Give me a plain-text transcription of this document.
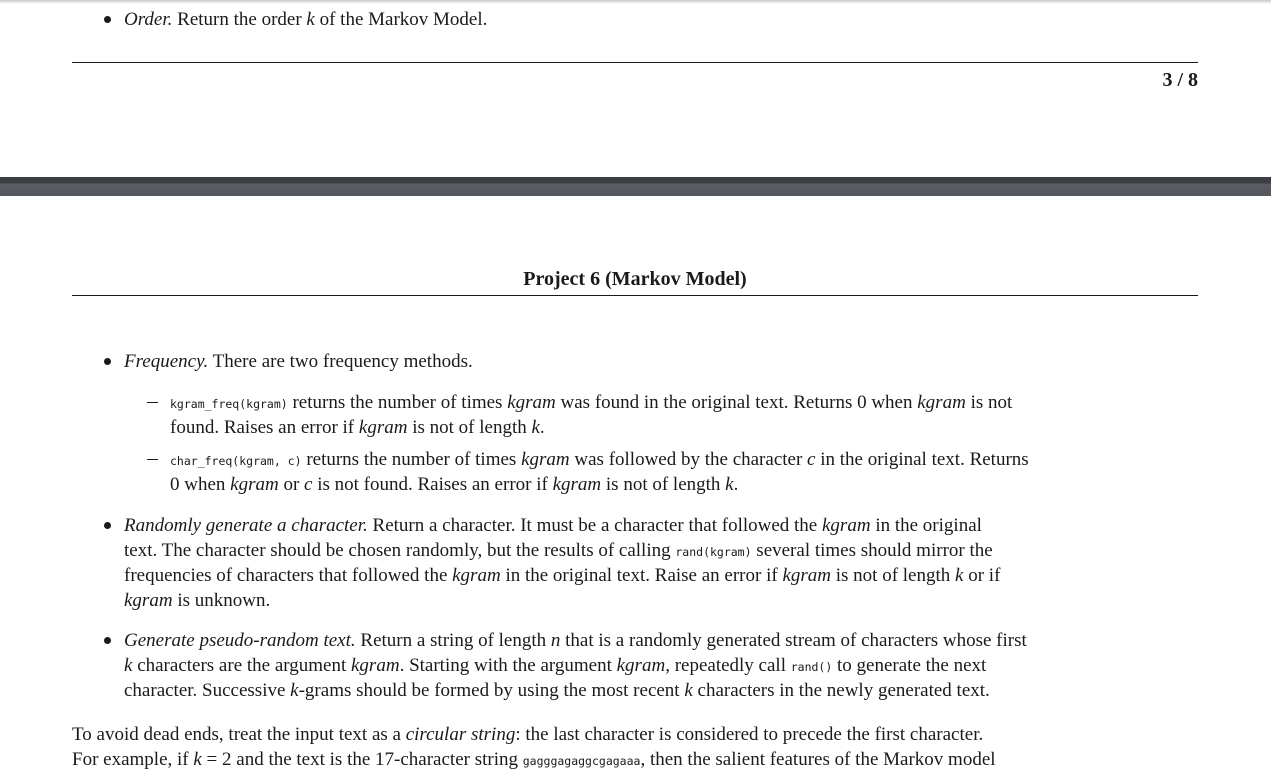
Order. Return the order k of the Markov Model.
3 / 8
Project 6 (Markov Model)
Frequency. There are two frequency methods.
kgram_freq(kgram) returns the number of times kgram was found in the original text. Returns 0 when kgram is not
found. Raises an error if kgram is not of length k.
char_freq(kgram, c) returns the number of times kgram was followed by the character c in the original text. Returns
0 when kgram or c is not found. Raises an error if kgram is not of length k.
Randomly generate a character. Return a character. It must be a character that followed the kgram in the original
text. The character should be chosen randomly, but the results of calling rand(kgram) several times should mirror the
frequencies of characters that followed the kgram in the original text. Raise an error if kgram is not of length k or if
kgram is unknown.
Generate pseudo-random text. Return a string of length n that is a randomly generated stream of characters whose first
k characters are the argument kgram. Starting with the argument kgram, repeatedly call rand() to generate the next
character. Successive k-grams should be formed by using the most recent k characters in the newly generated text.
To avoid dead ends, treat the input text as a circular string: the last character is considered to precede the first character.
For example, if k = 2 and the text is the 17-character string gagggagaggcgagaaa, then the salient features of the Markov model
